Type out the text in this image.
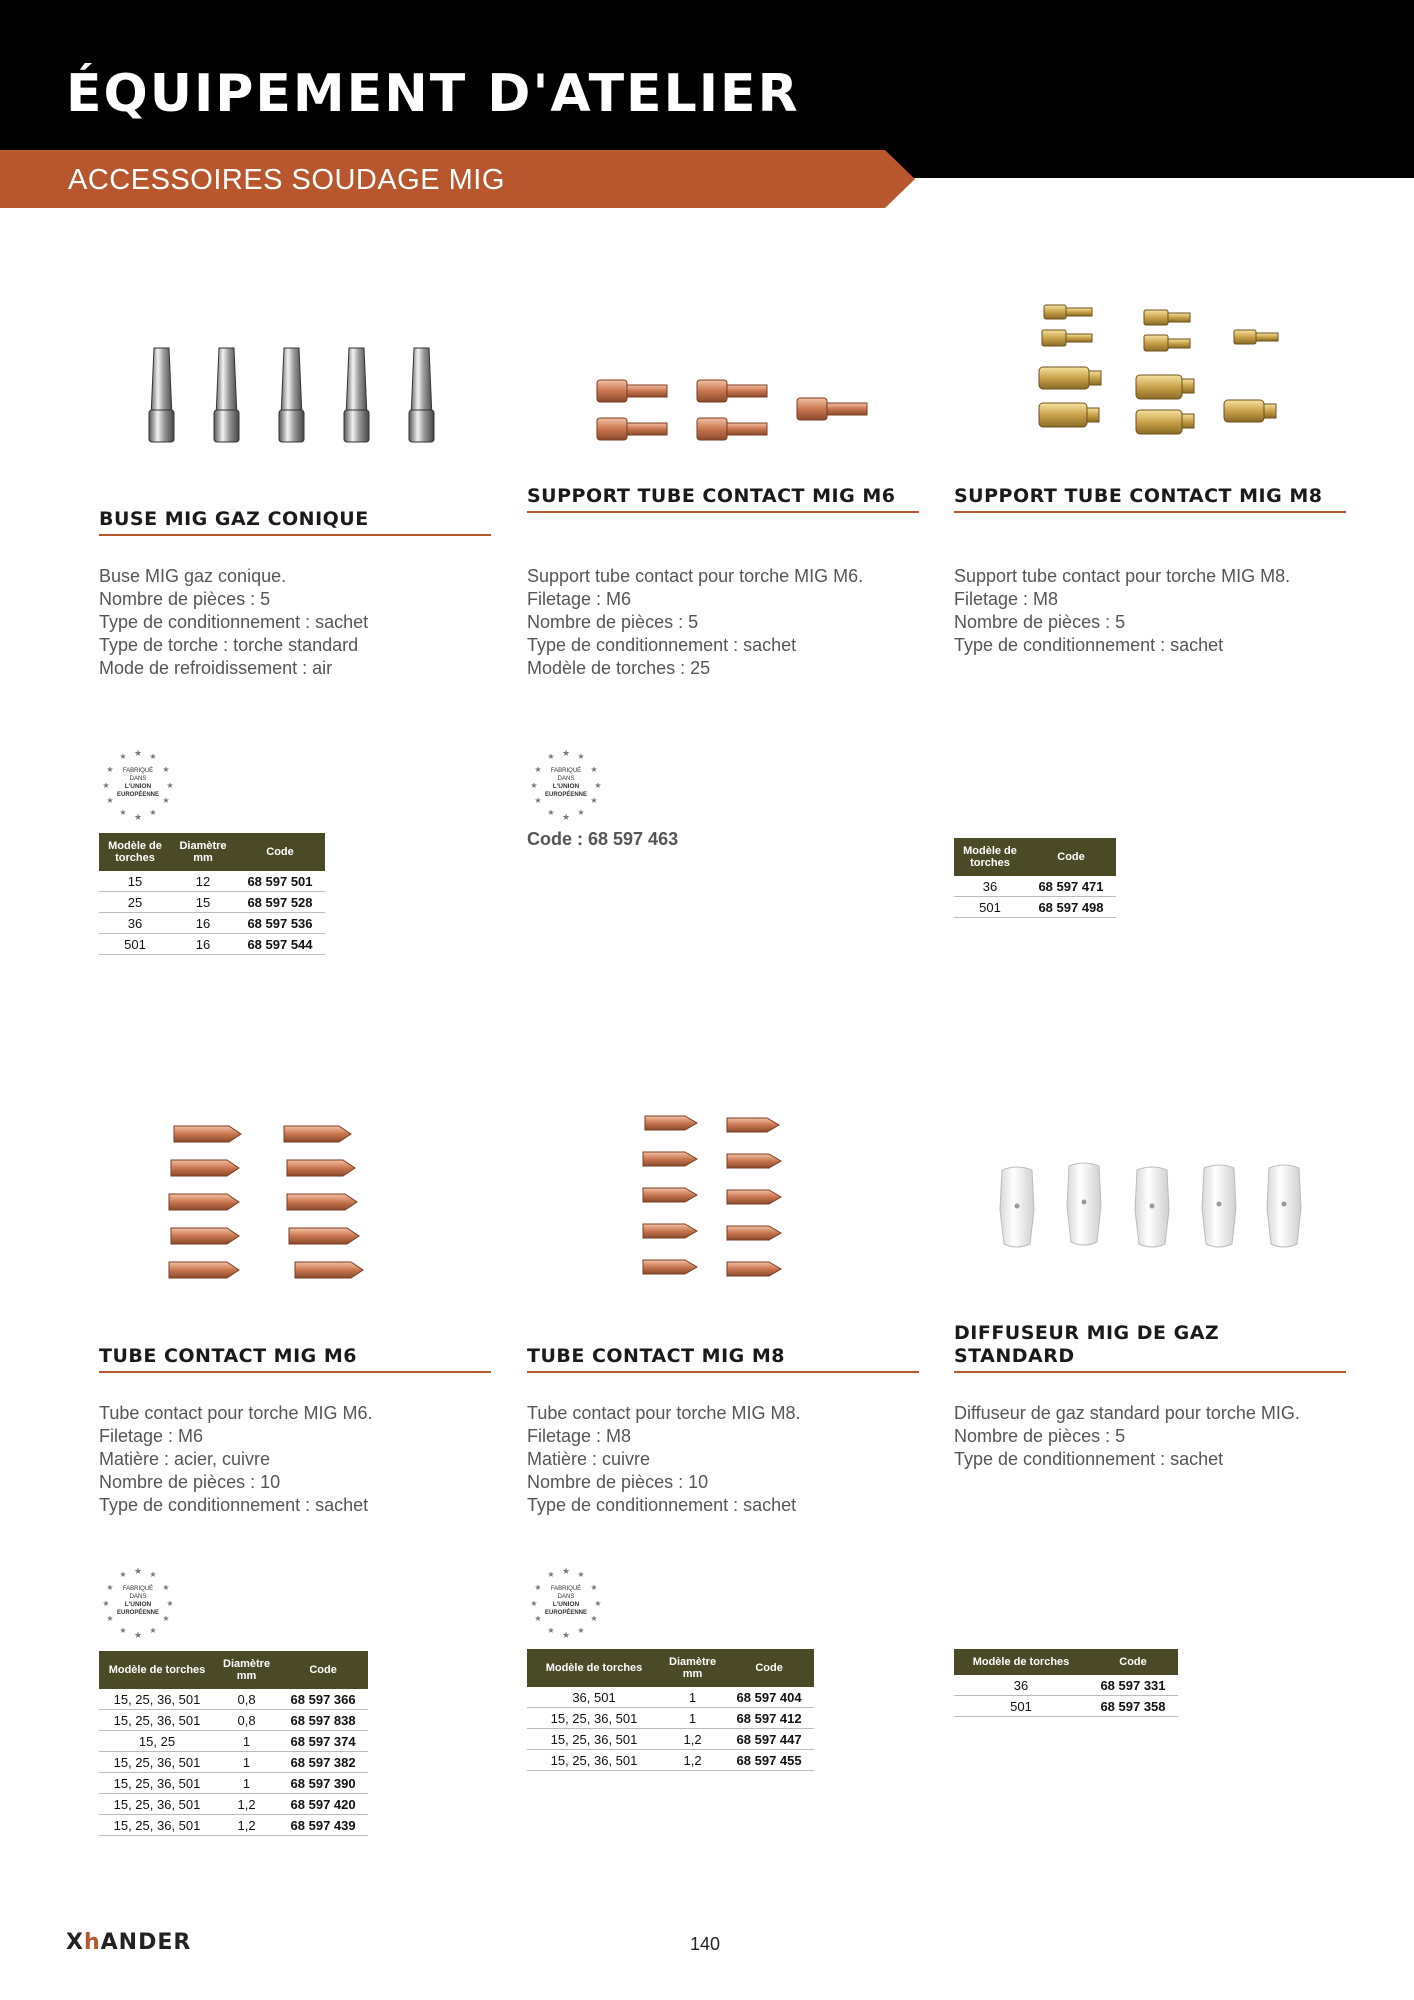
ÉQUIPEMENT D'ATELIER
ACCESSOIRES SOUDAGE MIG
BUSE MIG GAZ CONIQUE
Buse MIG gaz conique.
Nombre de pièces : 5
Type de conditionnement : sachet
Type de torche : torche standard
Mode de refroidissement : air
★
★	★
★	★
★	★
★	★
★	★
★
FABRIQUÉ
DANS
L'UNION
EUROPÉENNE
Modèle de torches	Diamètre mm	Code
15	12	68 597 501
25	15	68 597 528
36	16	68 597 536
501	16	68 597 544
SUPPORT TUBE CONTACT MIG M6
Support tube contact pour torche MIG M6.
Filetage : M6
Nombre de pièces : 5
Type de conditionnement : sachet
Modèle de torches : 25
★
★	★
★	★
★	★
★	★
★	★
★
FABRIQUÉ
DANS
L'UNION
EUROPÉENNE
Code : 68 597 463
SUPPORT TUBE CONTACT MIG M8
Support tube contact pour torche MIG M8.
Filetage : M8
Nombre de pièces : 5
Type de conditionnement : sachet
Modèle de torches	Code
36	68 597 471
501	68 597 498
TUBE CONTACT MIG M6
Tube contact pour torche MIG M6.
Filetage : M6
Matière : acier, cuivre
Nombre de pièces : 10
Type de conditionnement : sachet
★
★	★
★	★
★	★
★	★
★	★
★
FABRIQUÉ
DANS
L'UNION
EUROPÉENNE
Modèle de torches	Diamètre mm	Code
15, 25, 36, 501	0,8	68 597 366
15, 25, 36, 501	0,8	68 597 838
15, 25	1	68 597 374
15, 25, 36, 501	1	68 597 382
15, 25, 36, 501	1	68 597 390
15, 25, 36, 501	1,2	68 597 420
15, 25, 36, 501	1,2	68 597 439
TUBE CONTACT MIG M8
Tube contact pour torche MIG M8.
Filetage : M8
Matière : cuivre
Nombre de pièces : 10
Type de conditionnement : sachet
★
★	★
★	★
★	★
★	★
★	★
★
FABRIQUÉ
DANS
L'UNION
EUROPÉENNE
Modèle de torches	Diamètre mm	Code
36, 501	1	68 597 404
15, 25, 36, 501	1	68 597 412
15, 25, 36, 501	1,2	68 597 447
15, 25, 36, 501	1,2	68 597 455
DIFFUSEUR MIG DE GAZ STANDARD
Diffuseur de gaz standard pour torche MIG.
Nombre de pièces : 5
Type de conditionnement : sachet
Modèle de torches	Code
36	68 597 331
501	68 597 358
XhANDER	140
